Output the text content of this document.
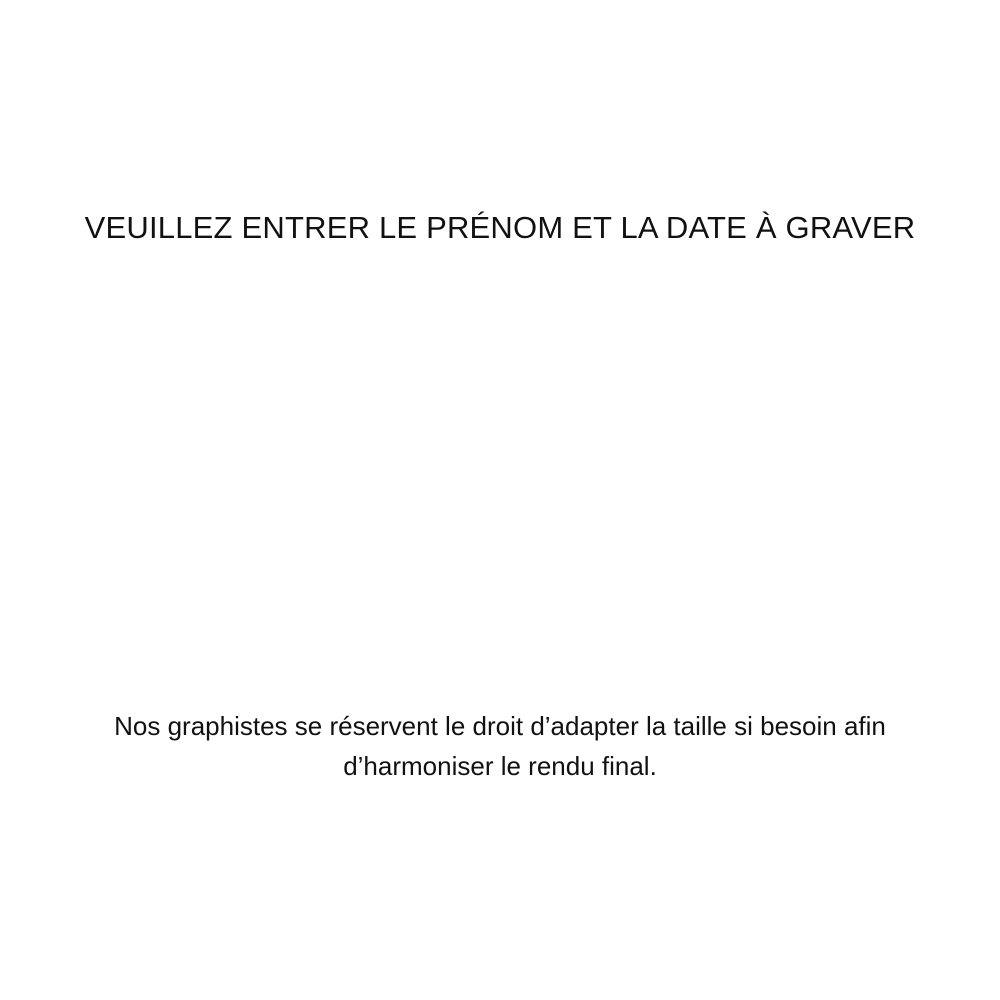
VEUILLEZ ENTRER LE PRÉNOM ET LA DATE À GRAVER

Nos graphistes se réservent le droit d’adapter la taille si besoin afin d’harmoniser le rendu final.
